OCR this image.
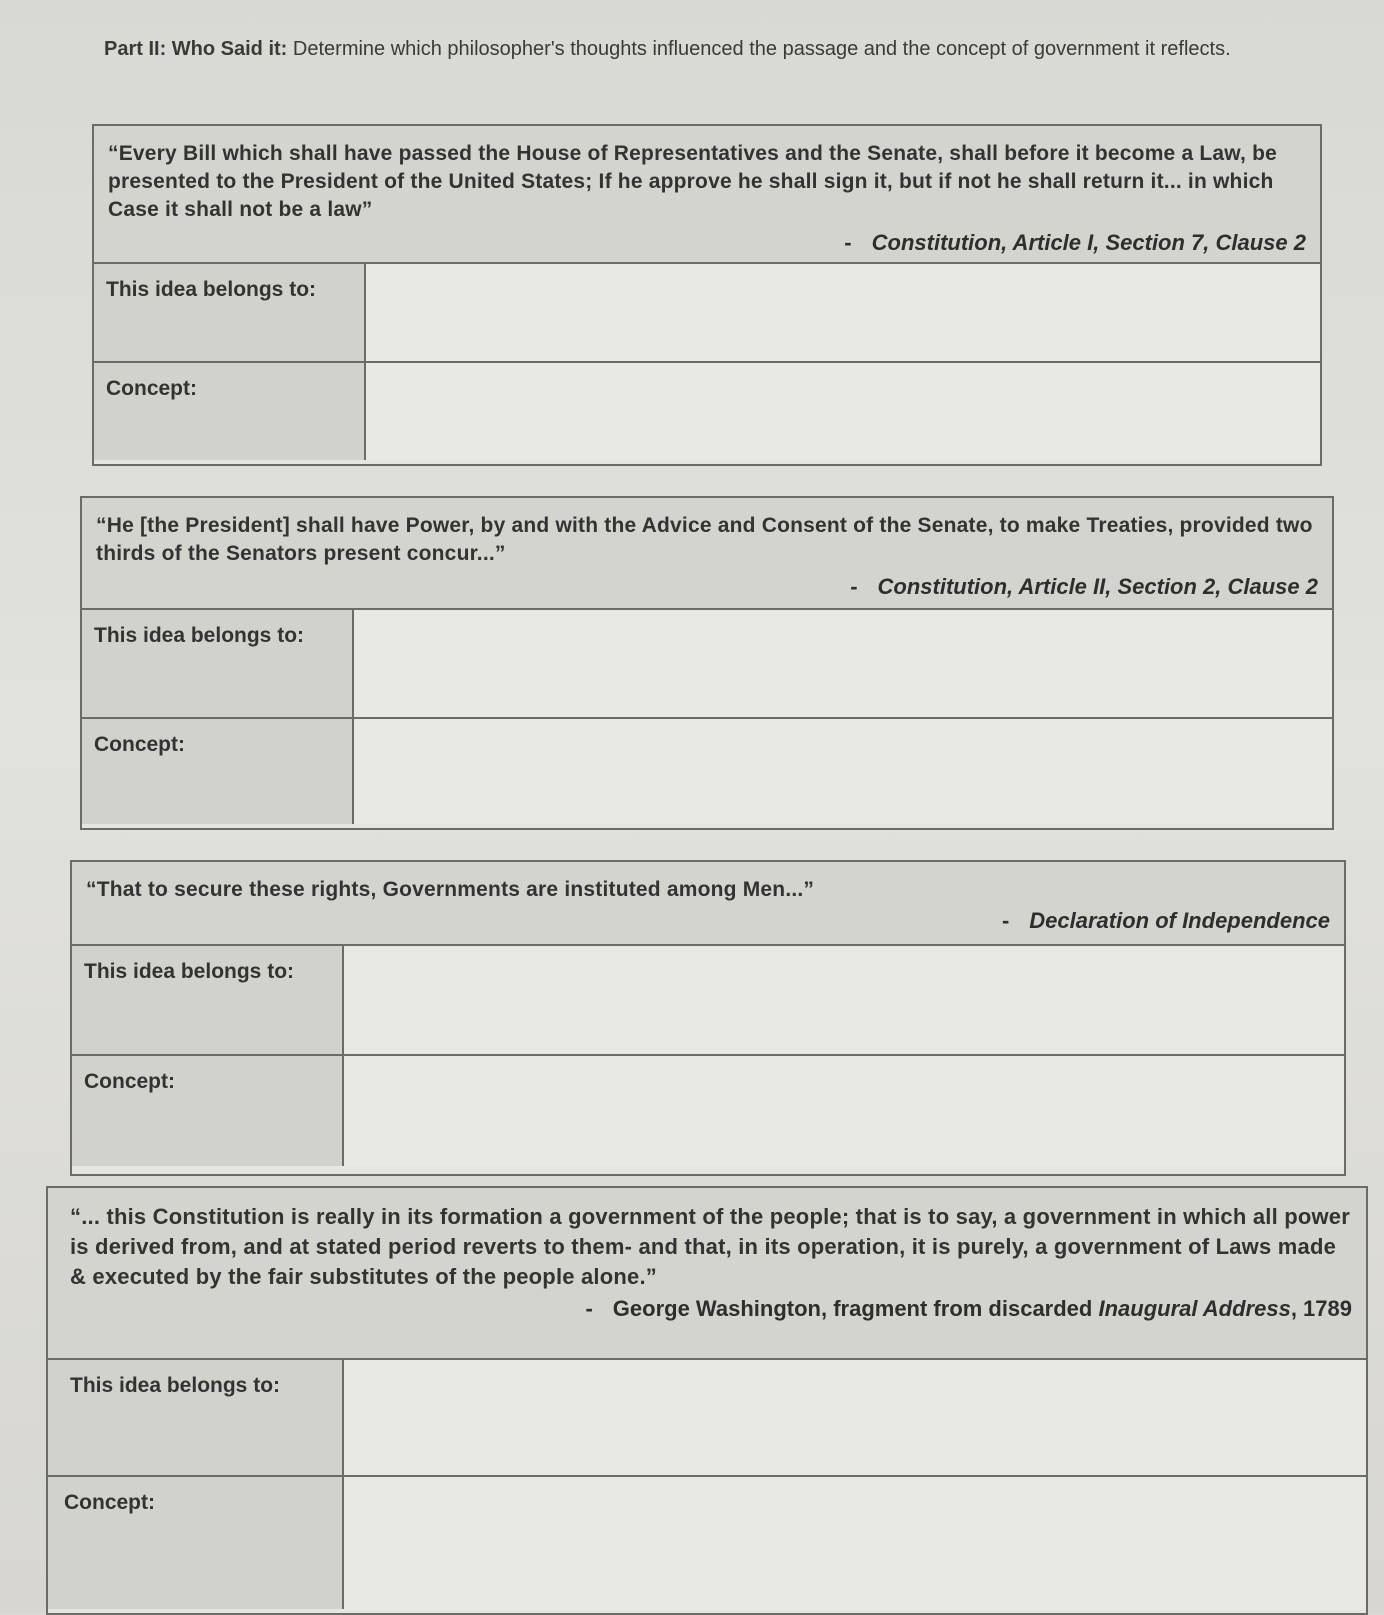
Part II: Who Said it: Determine which philosopher's thoughts influenced the passage and the concept of government it reflects.
“Every Bill which shall have passed the House of Representatives and the Senate, shall before it become a Law, be presented to the President of the United States; If he approve he shall sign it, but if not he shall return it... in which Case it shall not be a law”
- Constitution, Article I, Section 7, Clause 2
This idea belongs to:
Concept:
“He [the President] shall have Power, by and with the Advice and Consent of the Senate, to make Treaties, provided two thirds of the Senators present concur...”
- Constitution, Article II, Section 2, Clause 2
This idea belongs to:
Concept:
“That to secure these rights, Governments are instituted among Men...”
- Declaration of Independence
This idea belongs to:
Concept:
“... this Constitution is really in its formation a government of the people; that is to say, a government in which all power is derived from, and at stated period reverts to them- and that, in its operation, it is purely, a government of Laws made & executed by the fair substitutes of the people alone.”
- George Washington, fragment from discarded Inaugural Address, 1789
This idea belongs to:
Concept:
